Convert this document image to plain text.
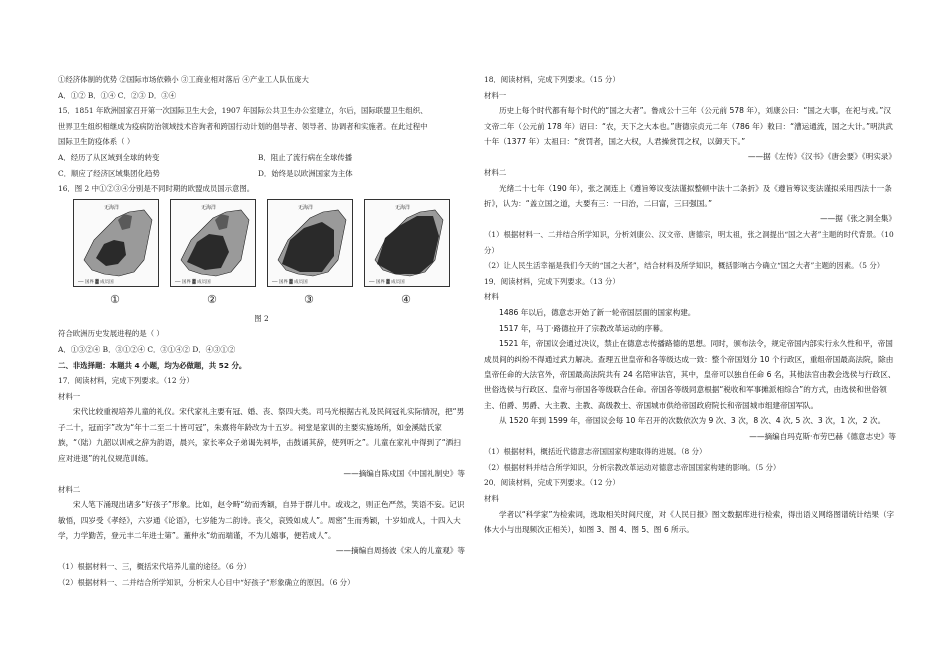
①经济体制的优势 ②国际市场依赖小 ③工商业相对落后 ④产业工人队伍庞大
A．①② B．①④ C．②③ D．③④
15．1851 年欧洲国家召开第一次国际卫生大会，1907 年国际公共卫生办公室建立，尔后，国际联盟卫生组织、
世界卫生组织相继成为疫病防治领域技术咨询者和跨国行动计划的倡导者、领导者、协调者和实施者。在此过程中
国际卫生防疫体系（ ）
A．经历了从区域到全球的转变	B．阻止了流行病在全球传播
C．顺应了经济区域集团化趋势	D．始终是以欧洲国家为主体
16．图 2 中①②③④分别是不同时期的欧盟成员国示意图。
无海洋
── 国界 ▓ 成员国
无海洋
── 国界 ▓ 成员国
无海洋
── 国界 ▓ 成员国
无海洋
── 国界 ▓ 成员国
①	②	③	④
图 2
符合欧洲历史发展进程的是（ ）
A．①③②④ B．③①②④ C．③①④② D．④③①②
二、非选择题：本题共 4 小题，均为必做题，共 52 分。
17．阅读材料，完成下列要求。（12 分）
材料一
宋代比较重视培养儿童的礼仪。宋代家礼主要有冠、婚、丧、祭四大类。司马光根据古礼及民间冠礼实际情况，把“男子二十，冠而字”改为“年十二至二十皆可冠”，朱熹将年龄改为十五岁。祠堂是家训的主要实施场所，如金溪陆氏家族，“（陆）九韶以训戒之辞为韵语，晨兴，家长率众子弟谒先祠毕，击鼓诵其辞，使列听之”。儿童在家礼中得到了“洒扫应对进退”的礼仪规范训练。
——摘编自陈戍国《中国礼制史》等
材料二
宋人笔下涌现出诸多“好孩子”形象。比如，赵令畤“幼而秀颖，自异于群儿中。或戏之，则正色严然，笑语不妄。记识敏悟，四岁受《孝经》，六岁通《论语》，七岁能为二韵诗。丧父，哀毁如成人”。周密“生而秀颖，十岁如成人，十四入大学，力学勤苦，登元丰二年进士第”。董仲永“幼而端谨，不为儿嬉事，便若成人”。
——摘编自周扬波《宋人的儿童观》等
（1）根据材料一、三，概括宋代培养儿童的途径。（6 分）
（2）根据材料一、二并结合所学知识，分析宋人心目中“好孩子”形象确立的原因。（6 分）
18．阅读材料，完成下列要求。（15 分）
材料一
历史上每个时代都有每个时代的“国之大者”。鲁成公十三年（公元前 578 年），刘康公曰：“国之大事，在祀与戎。”汉文帝二年（公元前 178 年）诏曰：“农，天下之大本也。”唐德宗贞元二年（786 年）敕曰：“漕运通流，国之大计。”明洪武十年（1377 年）太祖曰：“赏罚者，国之大权，人君操赏罚之权，以御天下。”
——据《左传》《汉书》《唐会要》《明实录》
材料二
光绪二十七年（190 年），张之洞连上《遵旨筹议变法谨拟整顿中法十二条折》及《遵旨筹议变法谨拟采用西法十一条折》，认为：“盖立国之道，大要有三：一曰治，二曰富，三曰强国。”
——据《张之洞全集》
（1）根据材料一、二并结合所学知识，分析刘康公、汉文帝、唐德宗，明太祖，张之洞提出“国之大者”主题的时代背景。（10 分）
（2）让人民生活幸福是我们今天的“国之大者”，结合材料及所学知识，概括影响古今确立“国之大者”主题的因素。（5 分）
19．阅读材料，完成下列要求。（13 分）
材料
1486 年以后，德意志开始了新一轮帝国层面的国家构建。
1517 年，马丁·路德拉开了宗教改革运动的序幕。
1521 年，帝国议会通过决议，禁止在德意志传播路德的思想。同时，颁布法令，规定帝国内部实行永久性和平，帝国成员间的纠纷不得通过武力解决。查理五世皇帝和各等级达成一致：整个帝国划分 10 个行政区，重组帝国最高法院，除由皇帝任命的大法官外，帝国最高法院共有 24 名陪审法官，其中，皇帝可以独自任命 6 名，其他法官由教会选侯与行政区、世俗选侯与行政区、皇帝与帝国各等级联合任命。帝国各等级同意根据“税收和军事摊派相综合”的方式，由选侯和世俗领主、伯爵、男爵、大主教、主教、高级教士、帝国城市供给帝国政府院长和帝国城市组建帝国军队。
从 1520 年到 1599 年，帝国议会每 10 年召开的次数依次为 9 次、3 次，8 次、4 次, 5 次、3 次，1 次，2 次。
——摘编自玛克斯·布劳巴赫《德意志史》等
（1）根据材料，概括近代德意志帝国国家构建取得的进展。（8 分）
（2）根据材料并结合所学知识，分析宗教改革运动对德意志帝国国家构建的影响。（5 分）
20．阅读材料，完成下列要求。（12 分）
材料
学者以“科学家”为检索词，选取相关时间尺度，对《人民日报》图文数据库进行检索，得出语义网络图谱统计结果（字体大小与出现频次正相关），如图 3、图 4、图 5、图 6 所示。
